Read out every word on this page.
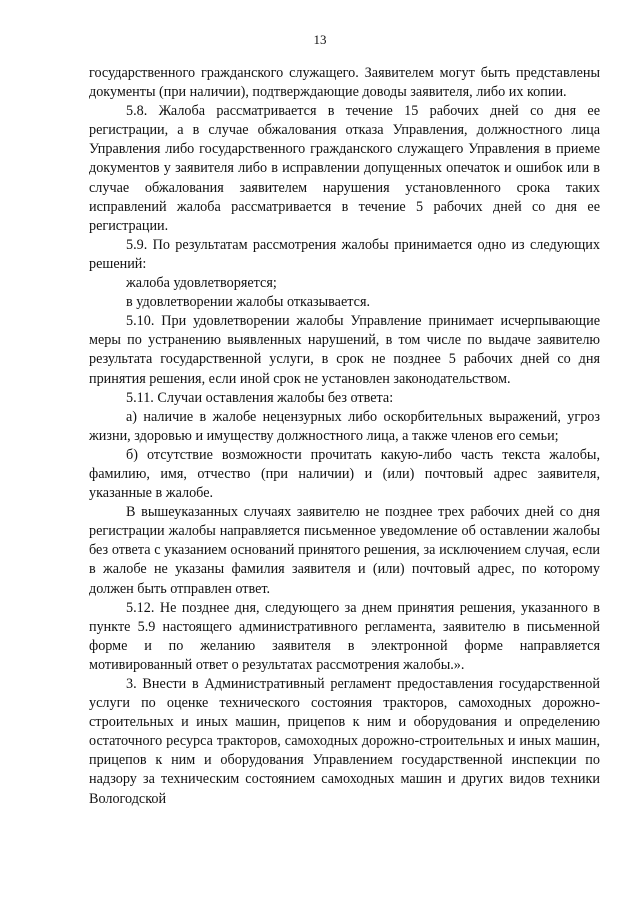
13

государственного гражданского служащего. Заявителем могут быть представлены документы (при наличии), подтверждающие доводы заявителя, либо их копии.

5.8. Жалоба рассматривается в течение 15 рабочих дней со дня ее регистрации, а в случае обжалования отказа Управления, должностного лица Управления либо государственного гражданского служащего Управления в приеме документов у заявителя либо в исправлении допущенных опечаток и ошибок или в случае обжалования заявителем нарушения установленного срока таких исправлений жалоба рассматривается в течение 5 рабочих дней со дня ее регистрации.

5.9. По результатам рассмотрения жалобы принимается одно из следующих решений:

жалоба удовлетворяется;

в удовлетворении жалобы отказывается.

5.10. При удовлетворении жалобы Управление принимает исчерпывающие меры по устранению выявленных нарушений, в том числе по выдаче заявителю результата государственной услуги, в срок не позднее 5 рабочих дней со дня принятия решения, если иной срок не установлен законодательством.

5.11. Случаи оставления жалобы без ответа:

а) наличие в жалобе нецензурных либо оскорбительных выражений, угроз жизни, здоровью и имуществу должностного лица, а также членов его семьи;

б) отсутствие возможности прочитать какую-либо часть текста жалобы, фамилию, имя, отчество (при наличии) и (или) почтовый адрес заявителя, указанные в жалобе.

В вышеуказанных случаях заявителю не позднее трех рабочих дней со дня регистрации жалобы направляется письменное уведомление об оставлении жалобы без ответа с указанием оснований принятого решения, за исключением случая, если в жалобе не указаны фамилия заявителя и (или) почтовый адрес, по которому должен быть отправлен ответ.

5.12. Не позднее дня, следующего за днем принятия решения, указанного в пункте 5.9 настоящего административного регламента, заявителю в письменной форме и по желанию заявителя в электронной форме направляется мотивированный ответ о результатах рассмотрения жалобы.».

3. Внести в Административный регламент предоставления государственной услуги по оценке технического состояния тракторов, самоходных дорожно-строительных и иных машин, прицепов к ним и оборудования и определению остаточного ресурса тракторов, самоходных дорожно-строительных и иных машин, прицепов к ним и оборудования Управлением государственной инспекции по надзору за техническим состоянием самоходных машин и других видов техники Вологодской
